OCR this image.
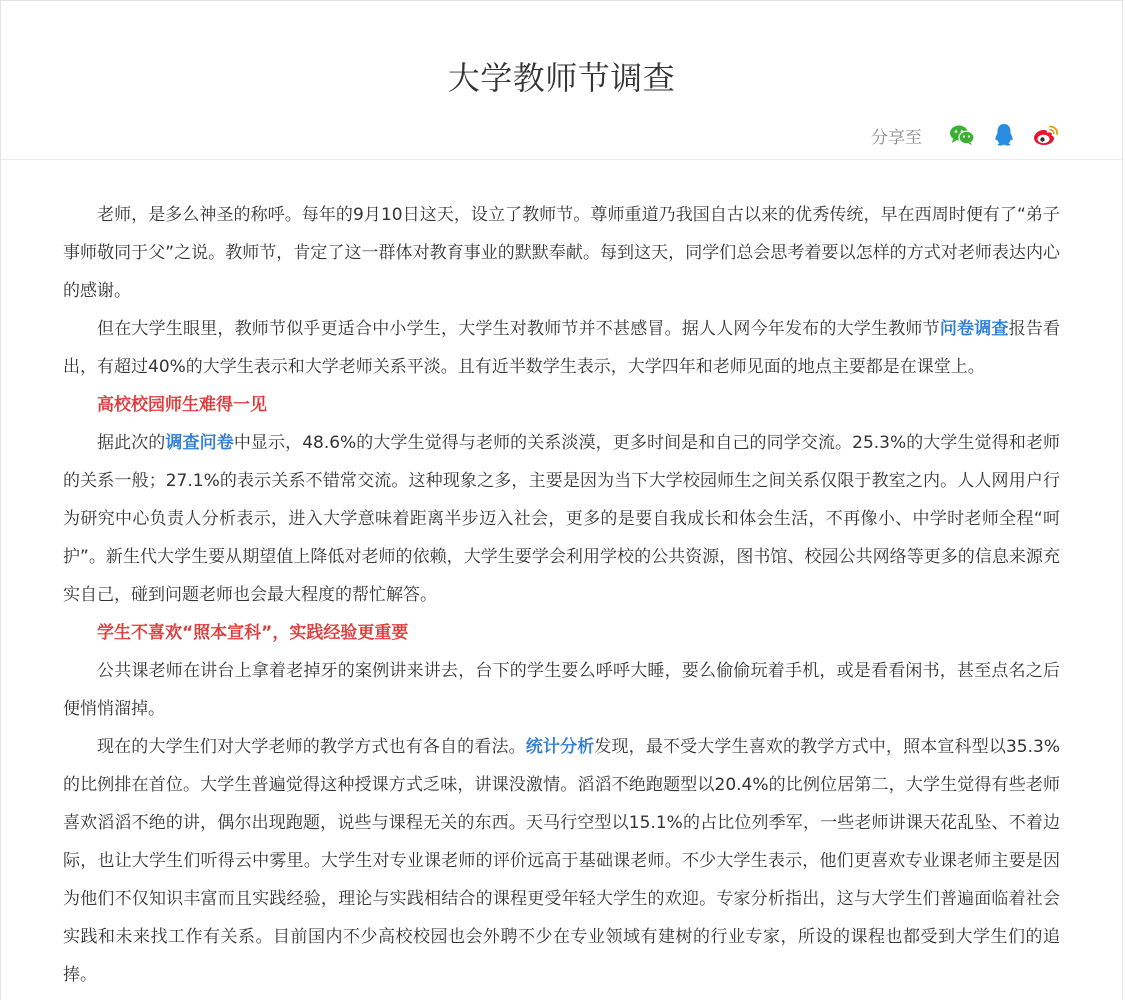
大学教师节调查
分享至

老师，是多么神圣的称呼。每年的9月10日这天，设立了教师节。尊师重道乃我国自古以来的优秀传统，早在西周时便有了“弟子事师敬同于父”之说。教师节，肯定了这一群体对教育事业的默默奉献。每到这天，同学们总会思考着要以怎样的方式对老师表达内心的感谢。

但在大学生眼里，教师节似乎更适合中小学生，大学生对教师节并不甚感冒。据人人网今年发布的大学生教师节问卷调查报告看出，有超过40%的大学生表示和大学老师关系平淡。且有近半数学生表示，大学四年和老师见面的地点主要都是在课堂上。

高校校园师生难得一见

据此次的调查问卷中显示，48.6%的大学生觉得与老师的关系淡漠，更多时间是和自己的同学交流。25.3%的大学生觉得和老师的关系一般；27.1%的表示关系不错常交流。这种现象之多，主要是因为当下大学校园师生之间关系仅限于教室之内。人人网用户行为研究中心负责人分析表示，进入大学意味着距离半步迈入社会，更多的是要自我成长和体会生活，不再像小、中学时老师全程“呵护”。新生代大学生要从期望值上降低对老师的依赖，大学生要学会利用学校的公共资源，图书馆、校园公共网络等更多的信息来源充实自己，碰到问题老师也会最大程度的帮忙解答。

学生不喜欢“照本宣科”，实践经验更重要

公共课老师在讲台上拿着老掉牙的案例讲来讲去，台下的学生要么呼呼大睡，要么偷偷玩着手机，或是看看闲书，甚至点名之后便悄悄溜掉。

现在的大学生们对大学老师的教学方式也有各自的看法。统计分析发现，最不受大学生喜欢的教学方式中，照本宣科型以35.3%的比例排在首位。大学生普遍觉得这种授课方式乏味，讲课没激情。滔滔不绝跑题型以20.4%的比例位居第二，大学生觉得有些老师喜欢滔滔不绝的讲，偶尔出现跑题，说些与课程无关的东西。天马行空型以15.1%的占比位列季军，一些老师讲课天花乱坠、不着边际，也让大学生们听得云中雾里。大学生对专业课老师的评价远高于基础课老师。不少大学生表示，他们更喜欢专业课老师主要是因为他们不仅知识丰富而且实践经验，理论与实践相结合的课程更受年轻大学生的欢迎。专家分析指出，这与大学生们普遍面临着社会实践和未来找工作有关系。目前国内不少高校校园也会外聘不少在专业领域有建树的行业专家，所设的课程也都受到大学生们的追捧。
